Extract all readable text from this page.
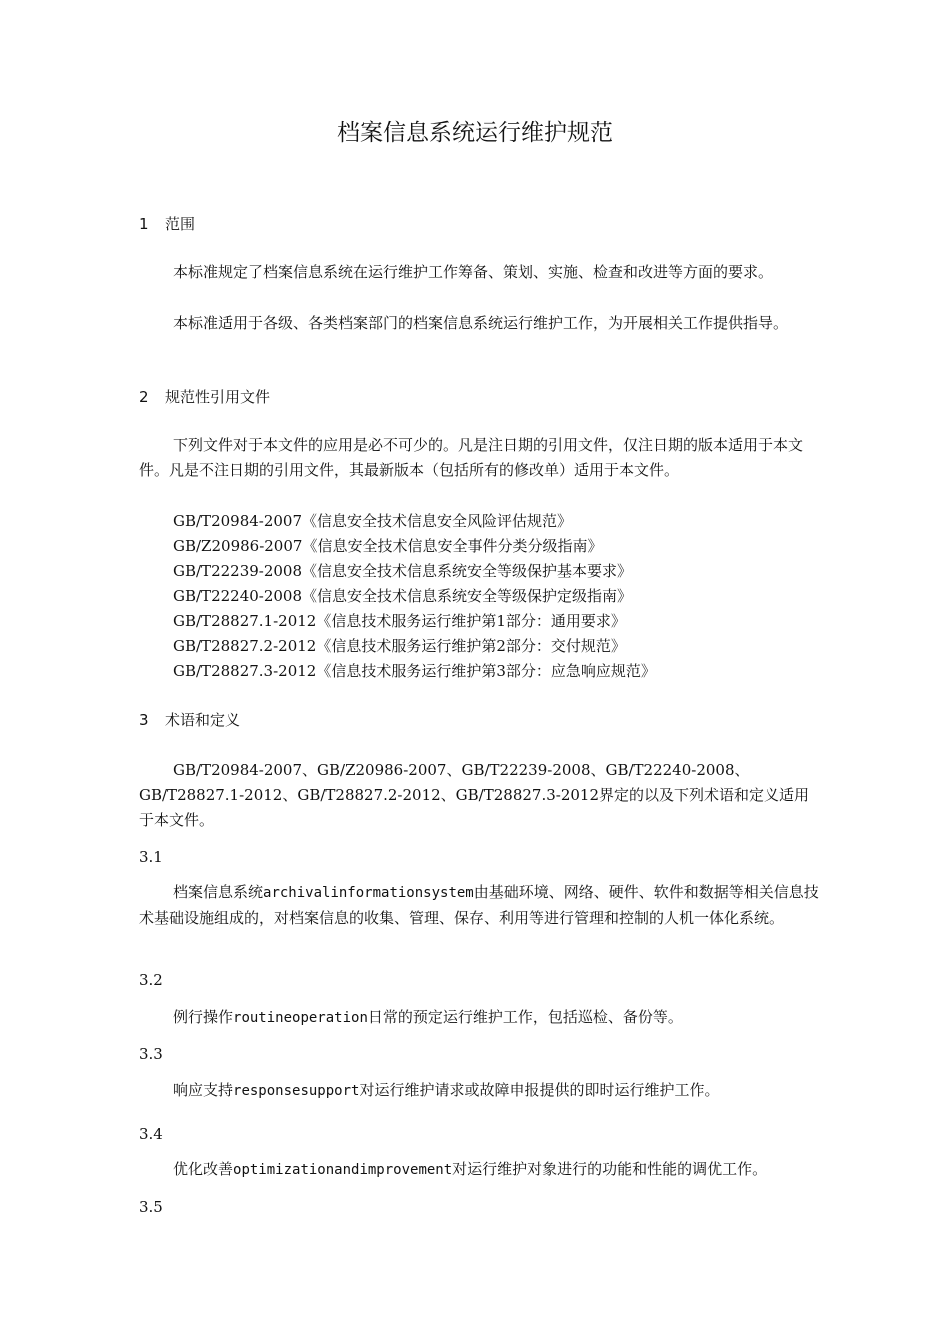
档案信息系统运行维护规范
1 范围

本标准规定了档案信息系统在运行维护工作筹备、策划、实施、检查和改进等方面的要求。

本标准适用于各级、各类档案部门的档案信息系统运行维护工作，为开展相关工作提供指导。

2 规范性引用文件

下列文件对于本文件的应用是必不可少的。凡是注日期的引用文件，仅注日期的版本适用于本文件。凡是不注日期的引用文件，其最新版本（包括所有的修改单）适用于本文件。

GB/T20984-2007《信息安全技术信息安全风险评估规范》
GB/Z20986-2007《信息安全技术信息安全事件分类分级指南》
GB/T22239-2008《信息安全技术信息系统安全等级保护基本要求》
GB/T22240-2008《信息安全技术信息系统安全等级保护定级指南》
GB/T28827.1-2012《信息技术服务运行维护第1部分：通用要求》
GB/T28827.2-2012《信息技术服务运行维护第2部分：交付规范》
GB/T28827.3-2012《信息技术服务运行维护第3部分：应急响应规范》
3 术语和定义

GB/T20984-2007、GB/Z20986-2007、GB/T22239-2008、GB/T22240-2008、GB/T28827.1-2012、GB/T28827.2-2012、GB/T28827.3-2012界定的以及下列术语和定义适用于本文件。

3.1

档案信息系统archivalinformationsystem由基础环境、网络、硬件、软件和数据等相关信息技术基础设施组成的，对档案信息的收集、管理、保存、利用等进行管理和控制的人机一体化系统。

3.2

例行操作routineoperation日常的预定运行维护工作，包括巡检、备份等。

3.3

响应支持responsesupport对运行维护请求或故障申报提供的即时运行维护工作。

3.4

优化改善optimizationandimprovement对运行维护对象进行的功能和性能的调优工作。

3.5
